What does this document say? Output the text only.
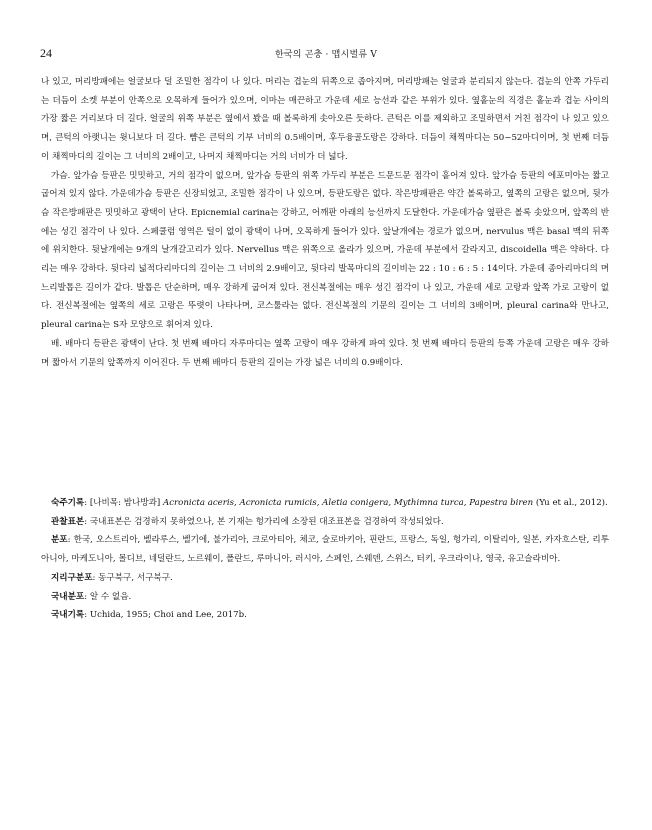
24	한국의 곤충 · 맵시벌류 V

나 있고, 머리방패에는 얼굴보다 덜 조밀한 점각이 나 있다. 머리는 겹눈의 뒤쪽으로 좁아지며, 머리방패는 얼굴과 분리되지 않는다. 겹눈의 안쪽 가두리는 더듬이 소켓 부분이 안쪽으로 오목하게 들어가 있으며, 이마는 매끈하고 가운데 세로 능선과 같은 부위가 있다. 옆홑눈의 직경은 홑눈과 겹눈 사이의 가장 짧은 거리보다 더 길다. 얼굴의 위쪽 부분은 옆에서 봤을 때 볼록하게 솟아오른 듯하다. 큰턱은 이를 제외하고 조밀하면서 거친 점각이 나 있고 있으며, 큰턱의 아랫니는 윗니보다 더 길다. 뺨은 큰턱의 기부 너비의 0.5배이며, 후두융골도랑은 강하다. 더듬이 채찍마디는 50~52마디이며, 첫 번째 더듬이 채찍마디의 길이는 그 너비의 2배이고, 나머지 채찍마디는 거의 너비가 더 넓다.

가슴. 앞가슴 등판은 밋밋하고, 거의 점각이 없으며, 앞가슴 등판의 위쪽 가두리 부분은 드문드문 점각이 흩어져 있다. 앞가슴 등판의 에포미아는 짧고 굽어져 있지 않다. 가운데가슴 등판은 신장되었고, 조밀한 점각이 나 있으며, 등판도랑은 없다. 작은방패판은 약간 볼록하고, 옆쪽의 고랑은 없으며, 뒷가슴 작은방패판은 밋밋하고 광택이 난다. Epicnemial carina는 강하고, 어깨판 아래의 능선까지 도달한다. 가운데가슴 옆판은 볼록 솟았으며, 앞쪽의 반에는 성긴 점각이 나 있다. 스페쿨럼 영역은 털이 없이 광택이 나며, 오목하게 들어가 있다. 앞날개에는 경로가 없으며, nervulus 맥은 basal 맥의 뒤쪽에 위치한다. 뒷날개에는 9개의 날개갈고리가 있다. Nervellus 맥은 위쪽으로 올라가 있으며, 가운데 부분에서 갈라지고, discoidella 맥은 약하다. 다리는 매우 강하다. 뒷다리 넓적다리마디의 길이는 그 너비의 2.9배이고, 뒷다리 발목마디의 길이비는 22 : 10 : 6 : 5 : 14이다. 가운데 종아리마디의 며느리발톱은 길이가 같다. 발톱은 단순하며, 매우 강하게 굽어져 있다. 전신복절에는 매우 성긴 점각이 나 있고, 가운데 세로 고랑과 앞쪽 가로 고랑이 없다. 전신복절에는 옆쪽의 세로 고랑은 뚜렷이 나타나며, 코스툴라는 없다. 전신복절의 기문의 길이는 그 너비의 3배이며, pleural carina와 만나고, pleural carina는 S자 모양으로 휘어져 있다.

배. 배마디 등판은 광택이 난다. 첫 번째 배마디 자루마디는 옆쪽 고랑이 매우 강하게 파여 있다. 첫 번째 배마디 등판의 등쪽 가운데 고랑은 매우 강하며 짧아서 기문의 앞쪽까지 이어진다. 두 번째 배마디 등판의 길이는 가장 넓은 너비의 0.9배이다.

숙주기록: [나비목: 밤나방과] Acronicta aceris, Acronicta rumicis, Aletia conigera, Mythimna turca, Papestra biren (Yu et al., 2012).

관찰표본: 국내표본은 검경하지 못하였으나, 본 기재는 헝가리에 소장된 대조표본을 검경하여 작성되었다.

분포: 한국, 오스트리아, 벨라루스, 벨기에, 불가리아, 크로아티아, 체코, 슬로바키아, 핀란드, 프랑스, 독일, 헝가리, 이탈리아, 일본, 카자흐스탄, 리투아니아, 마케도니아, 몰디브, 네덜란드, 노르웨이, 폴란드, 루마니아, 러시아, 스페인, 스웨덴, 스위스, 터키, 우크라이나, 영국, 유고슬라비아.

지리구분포: 동구북구, 서구북구.

국내분포: 알 수 없음.

국내기록: Uchida, 1955; Choi and Lee, 2017b.
